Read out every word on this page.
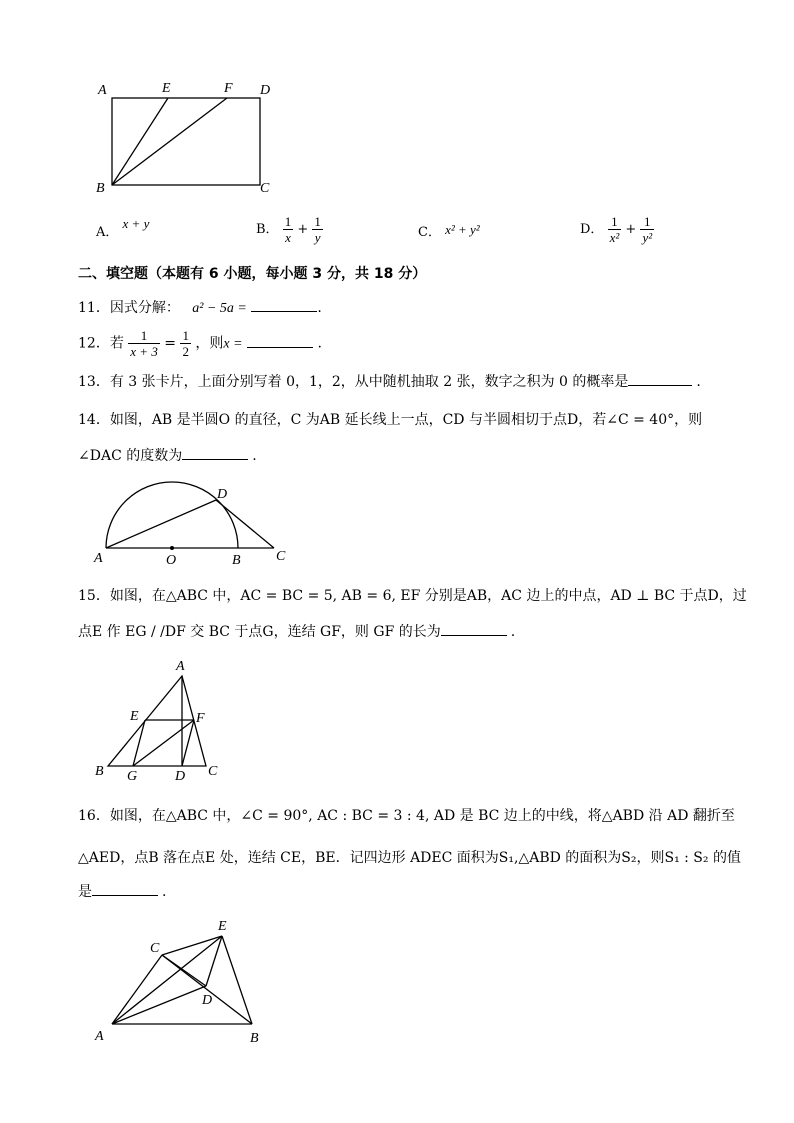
A	E	F D
B	C
A． x + y	B． $\frac{1}{x} + \frac{1}{y}$	C． x² + y²	D． $\frac{1}{\text{x²}} + \frac{1}{\text{y²}}$
二、填空题（本题有 6 小题，每小题 3 分，共 18 分）
11．因式分解： a² − 5a =	.
12．若 $\frac{1}{x + 3} = \frac{1}{2}$ ，则x =	.
13．有 3 张卡片，上面分别写着 0，1，2，从中随机抽取 2 张，数字之积为 0 的概率是	.
14．如图，AB 是半圆O 的直径，C 为AB 延长线上一点，CD 与半圆相切于点D，若∠C = 40°，则
∠DAC 的度数为	.
A	O	B	C
D
15．如图，在△ABC 中，AC = BC = 5, AB = 6, EF 分别是AB，AC 边上的中点，AD ⊥ BC 于点D，过
点E 作 EG / /DF 交 BC 于点G，连结 GF，则 GF 的长为	.
A
E	F
B G	D C
16．如图，在△ABC 中，∠C = 90°, AC : BC = 3 : 4, AD 是 BC 边上的中线，将△ABD 沿 AD 翻折至
△AED，点B 落在点E 处，连结 CE，BE．记四边形 ADEC 面积为S₁,△ABD 的面积为S₂，则S₁ : S₂ 的值
是	.
C
E
D
A	B
